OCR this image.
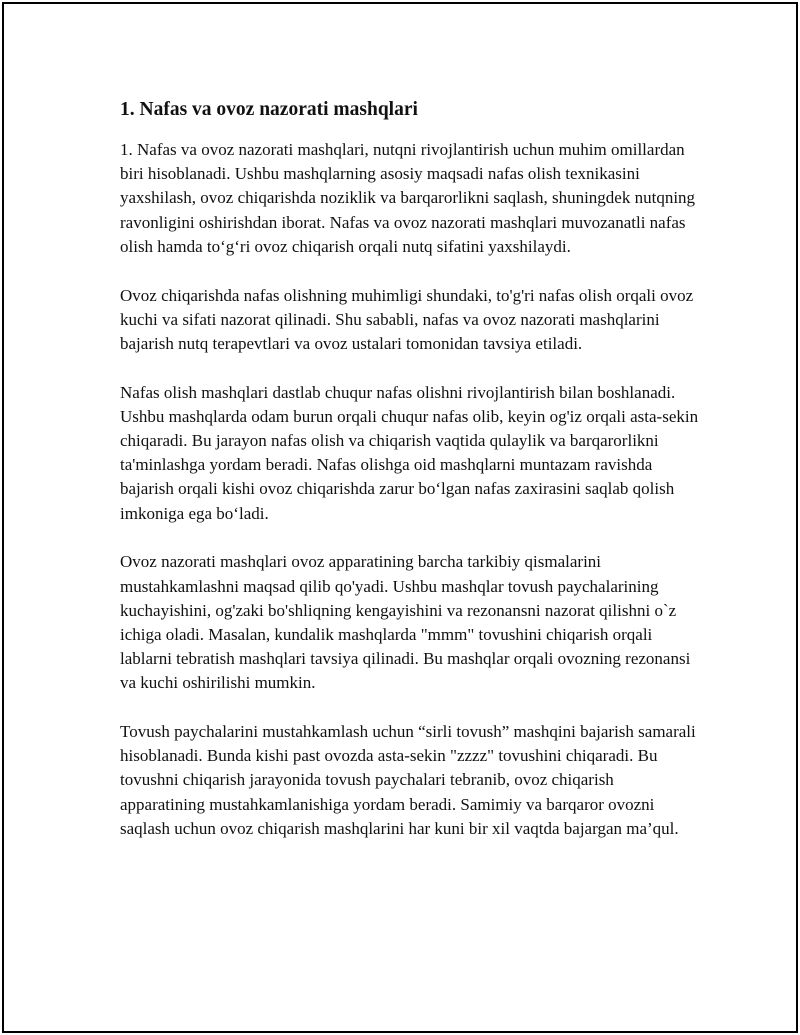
1. Nafas va ovoz nazorati mashqlari

1. Nafas va ovoz nazorati mashqlari, nutqni rivojlantirish uchun muhim omillardan biri hisoblanadi. Ushbu mashqlarning asosiy maqsadi nafas olish texnikasini yaxshilash, ovoz chiqarishda noziklik va barqarorlikni saqlash, shuningdek nutqning ravonligini oshirishdan iborat. Nafas va ovoz nazorati mashqlari muvozanatli nafas olish hamda to‘g‘ri ovoz chiqarish orqali nutq sifatini yaxshilaydi.

Ovoz chiqarishda nafas olishning muhimligi shundaki, to'g'ri nafas olish orqali ovoz kuchi va sifati nazorat qilinadi. Shu sababli, nafas va ovoz nazorati mashqlarini bajarish nutq terapevtlari va ovoz ustalari tomonidan tavsiya etiladi.

Nafas olish mashqlari dastlab chuqur nafas olishni rivojlantirish bilan boshlanadi. Ushbu mashqlarda odam burun orqali chuqur nafas olib, keyin og'iz orqali asta-sekin chiqaradi. Bu jarayon nafas olish va chiqarish vaqtida qulaylik va barqarorlikni ta'minlashga yordam beradi. Nafas olishga oid mashqlarni muntazam ravishda bajarish orqali kishi ovoz chiqarishda zarur bo‘lgan nafas zaxirasini saqlab qolish imkoniga ega bo‘ladi.

Ovoz nazorati mashqlari ovoz apparatining barcha tarkibiy qismalarini mustahkamlashni maqsad qilib qo'yadi. Ushbu mashqlar tovush paychalarining kuchayishini, og'zaki bo'shliqning kengayishini va rezonansni nazorat qilishni o`z ichiga oladi. Masalan, kundalik mashqlarda "mmm" tovushini chiqarish orqali lablarni tebratish mashqlari tavsiya qilinadi. Bu mashqlar orqali ovozning rezonansi va kuchi oshirilishi mumkin.

Tovush paychalarini mustahkamlash uchun “sirli tovush” mashqini bajarish samarali hisoblanadi. Bunda kishi past ovozda asta-sekin "zzzz" tovushini chiqaradi. Bu tovushni chiqarish jarayonida tovush paychalari tebranib, ovoz chiqarish apparatining mustahkamlanishiga yordam beradi. Samimiy va barqaror ovozni saqlash uchun ovoz chiqarish mashqlarini har kuni bir xil vaqtda bajargan ma’qul.
